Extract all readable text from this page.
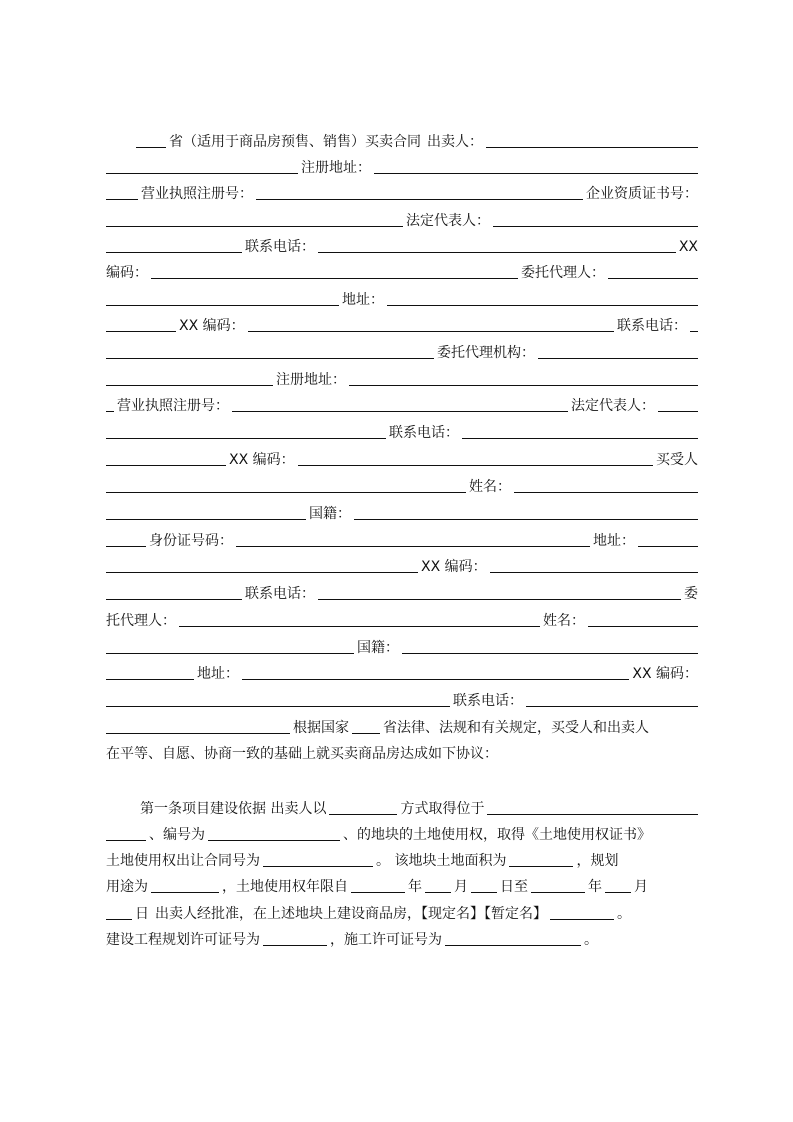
省（适用于商品房预售、销售）买卖合同 出卖人：
注册地址：
营业执照注册号：	企业资质证书号：
法定代表人：
联系电话：	XX
编码：	委托代理人：
地址：
XX 编码：	联系电话：
委托代理机构：
注册地址：
营业执照注册号：	法定代表人：
联系电话：
XX 编码：	买受人
姓名：
国籍：
身份证号码：	地址：
XX 编码：
联系电话：	委
托代理人：	姓名：
国籍：
地址：	XX 编码：
联系电话：
根据国家 省法律、法规和有关规定，买受人和出卖人
在平等、自愿、协商一致的基础上就买卖商品房达成如下协议：
第一条项目建设依据 出卖人以	方式取得位于
、编号为	、的地块的土地使用权，取得《土地使用权证书》
土地使用权出让合同号为	。 该地块土地面积为	，规划
用途为	，土地使用权年限自	年 月 日至	年 月
日 出卖人经批准，在上述地块上建设商品房，【现定名】【暂定名】	。
建设工程规划许可证号为	，施工许可证号为	。
